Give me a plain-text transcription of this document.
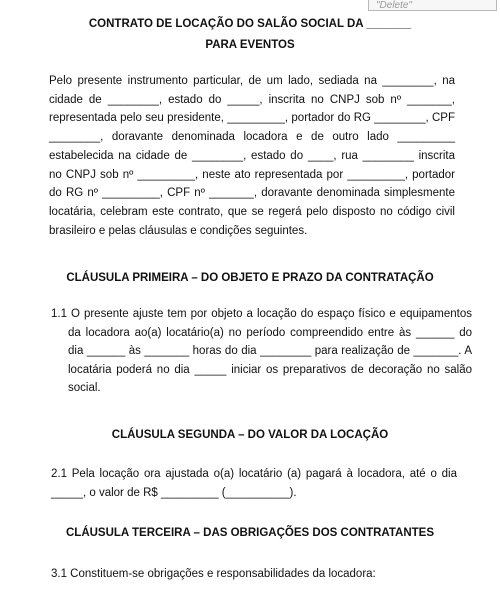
"Delete"
CONTRATO DE LOCAÇÃO DO SALÃO SOCIAL DA _______
PARA EVENTOS

Pelo presente instrumento particular, de um lado, sediada na ________, na cidade de ________, estado do _____, inscrita no CNPJ sob nº _______, representada pelo seu presidente, _________, portador do RG ________, CPF ________, doravante denominada locadora e de outro lado _________ estabelecida na cidade de ________, estado do ____, rua ________ inscrita no CNPJ sob nº _________, neste ato representada por _________, portador do RG nº _________, CPF nº _______, doravante denominada simplesmente locatária, celebram este contrato, que se regerá pelo disposto no código civil brasileiro e pelas cláusulas e condições seguintes.

CLÁUSULA PRIMEIRA – DO OBJETO E PRAZO DA CONTRATAÇÃO

1.1 O presente ajuste tem por objeto a locação do espaço físico e equipamentos da locadora ao(a) locatário(a) no período compreendido entre às ______ do dia ______ às _______ horas do dia ________ para realização de _______. A locatária poderá no dia _____ iniciar os preparativos de decoração no salão social.

CLÁUSULA SEGUNDA – DO VALOR DA LOCAÇÃO

2.1 Pela locação ora ajustada o(a) locatário (a) pagará à locadora, até o dia _____, o valor de R$ _________ (__________).

CLÁUSULA TERCEIRA – DAS OBRIGAÇÕES DOS CONTRATANTES

3.1 Constituem-se obrigações e responsabilidades da locadora:
